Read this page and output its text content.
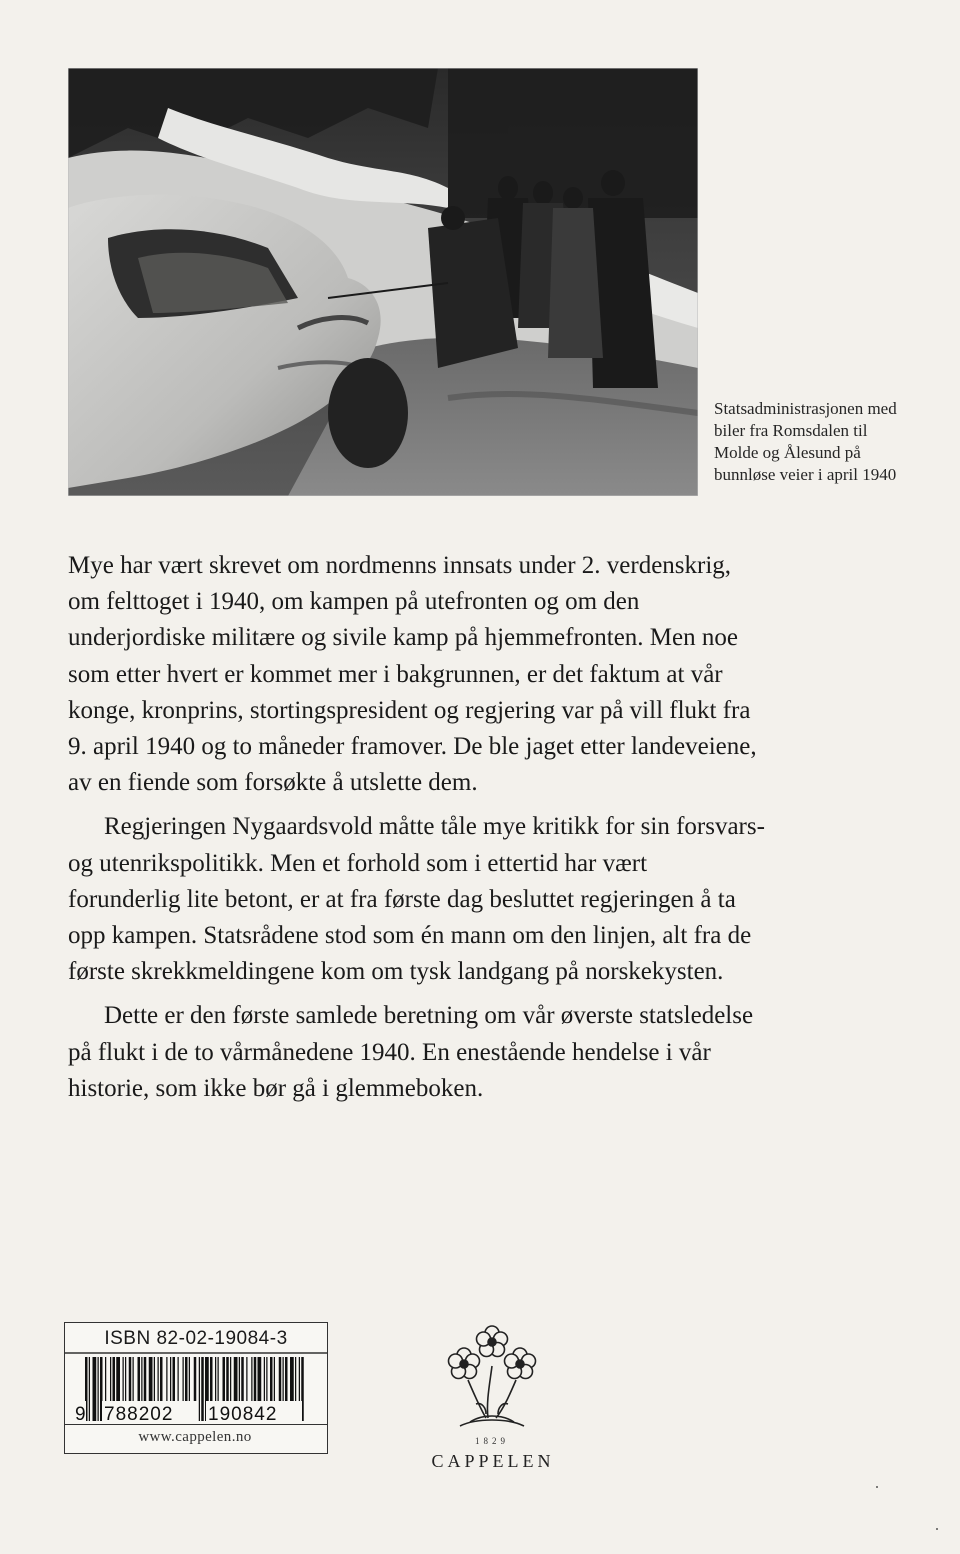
Statsadministrasjonen med
biler fra Romsdalen til
Molde og Ålesund på
bunnløse veier i april 1940
Mye har vært skrevet om nordmenns innsats under 2. verdenskrig,
om felttoget i 1940, om kampen på utefronten og om den
underjordiske militære og sivile kamp på hjemmefronten. Men noe
som etter hvert er kommet mer i bakgrunnen, er det faktum at vår
konge, kronprins, stortingspresident og regjering var på vill flukt fra
9. april 1940 og to måneder framover. De ble jaget etter landeveiene,
av en fiende som forsøkte å utslette dem.
Regjeringen Nygaardsvold måtte tåle mye kritikk for sin forsvars-
og utenrikspolitikk. Men et forhold som i ettertid har vært
forunderlig lite betont, er at fra første dag besluttet regjeringen å ta
opp kampen. Statsrådene stod som én mann om den linjen, alt fra de
første skrekkmeldingene kom om tysk landgang på norskekysten.
Dette er den første samlede beretning om vår øverste statsledelse
på flukt i de to vårmånedene 1940. En enestående hendelse i vår
historie, som ikke bør gå i glemmeboken.
ISBN 82-02-19084-3
9 788202 190842
www.cappelen.no	1829
CAPPELEN
